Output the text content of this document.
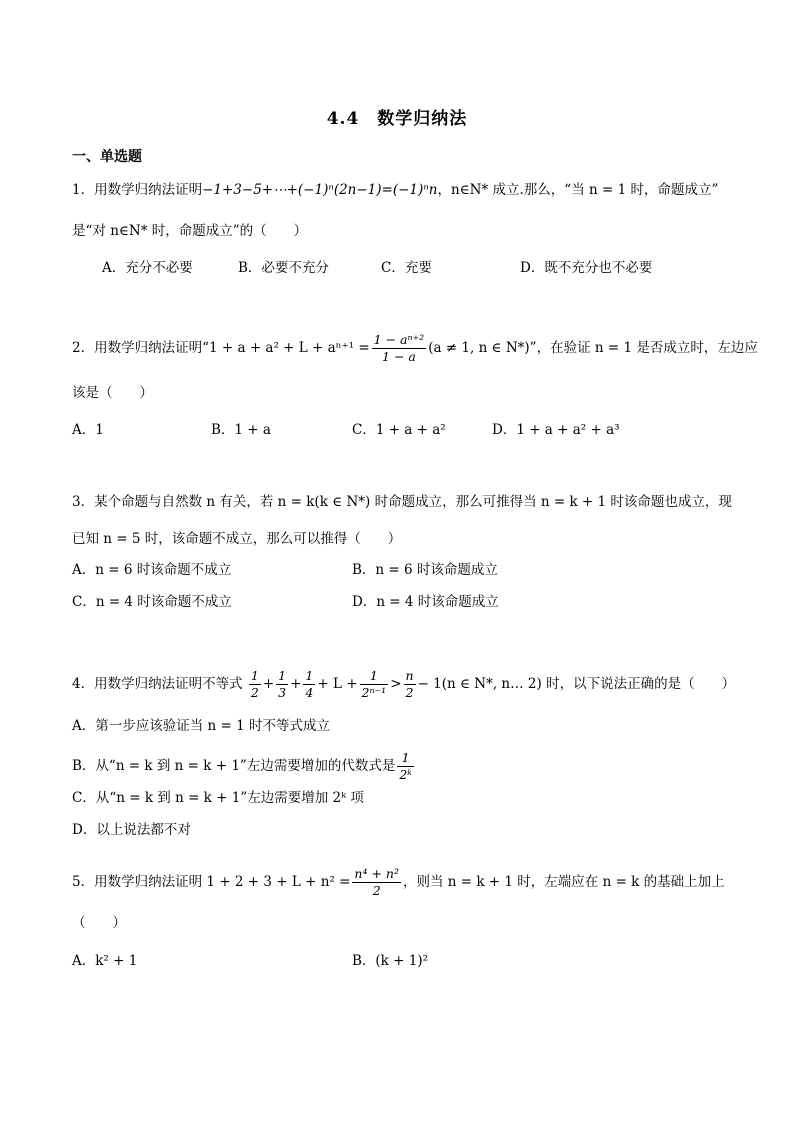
4.4　数学归纳法
一、单选题
1．用数学归纳法证明−1+3−5+⋯+(−1)ⁿ(2n−1)=(−1)ⁿn，n∈N* 成立.那么，“当 n = 1 时，命题成立”
是“对 n∈N* 时，命题成立”的（　　）
A．充分不必要	B．必要不充分	C．充要	D．既不充分也不必要
2．用数学归纳法证明“$1 + a + a^2 + L + a^{n+1} = \frac{\text{1 − aⁿ⁺²}}{1 - a} (a \ne 1$, n ∈ N*)”，在验证 n = 1 是否成立时，左边应
该是（　　）
A．1	B．1 + a	C．1 + a + a²	D．1 + a + a² + a³
3．某个命题与自然数 n 有关，若 n = k(k ∈ N*) 时命题成立，那么可推得当 n = k + 1 时该命题也成立，现
已知 n = 5 时，该命题不成立，那么可以推得（　　）
A．n = 6 时该命题不成立	B．n = 6 时该命题成立
C．n = 4 时该命题不成立	D．n = 4 时该命题成立
4．用数学归纳法证明不等式 $\frac{1}{2} + \frac{1}{3} + \frac{1}{4} + L + \frac{1}{\text{2ⁿ⁻¹}} > \frac{n}{2} - 1(n$ ∈ N*, n… 2) 时，以下说法正确的是（　　）
A．第一步应该验证当 n = 1 时不等式成立
B．从“n = k 到 n = k + 1”左边需要增加的代数式是 $\frac{1}{\text{2ᵏ}}$
C．从“n = k 到 n = k + 1”左边需要增加 2ᵏ 项
D．以上说法都不对
5．用数学归纳法证明 $1 + 2 + 3 + L + n^2 = \frac{\text{n⁴ + n²}}{2}$ ，则当 n = k + 1 时，左端应在 n = k 的基础上加上
（　　）
A．k² + 1	B．(k + 1)²
